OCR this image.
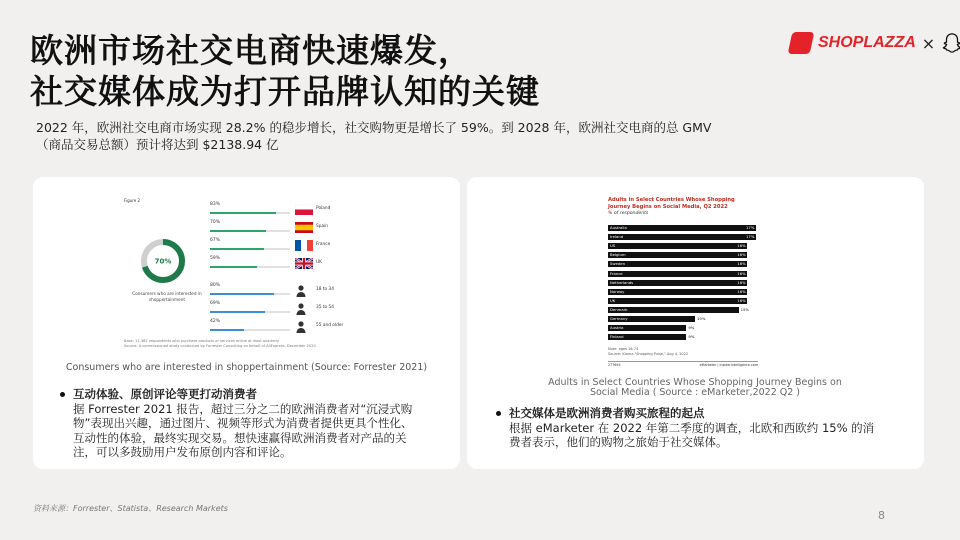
欧洲市场社交电商快速爆发，
社交媒体成为打开品牌认知的关键
SHOPLAZZA ×
2022 年，欧洲社交电商市场实现 28.2% 的稳步增长，社交购物更是增长了 59%。到 2028 年，欧洲社交电商的总 GMV（商品交易总额）预计将达到 $2138.94 亿
Figure 2
70%
Consumers who are interested in shoppertainment
83%
Poland
70%
Spain
67%
France
59%
UK
80%
18 to 34
69%
35 to 54
42%
55 and older
Base: 12,382 respondents who purchase products or services online at least quarterly
Source: A commissioned study conducted by Forrester Consulting on behalf of AliExpress, December 2020
Consumers who are interested in shoppertainment (Source: Forrester 2021)
互动体验、原创评论等更打动消费者
据 Forrester 2021 报告，超过三分之二的欧洲消费者对“沉浸式购物”表现出兴趣，通过图片、视频等形式为消费者提供更具个性化、互动性的体验，最终实现交易。想快速赢得欧洲消费者对产品的关注，可以多鼓励用户发布原创内容和评论。
Adults in Select Countries Whose Shopping Journey Begins on Social Media, Q2 2022
% of respondents
Australia	17%
Ireland	17%
US	16%
Belgium	16%
Sweden	16%
France	16%
Netherlands	16%
Norway	16%
UK	16%
Denmark	15%
Germany	10%
Austria	9%
Finland	9%
Note: ages 16-74
Source: Klarna "Shopping Pulse," Aug 4, 2022
277694	eMarketer | InsiderIntelligence.com
Adults in Select Countries Whose Shopping Journey Begins on Social Media ( Source : eMarketer,2022 Q2 )
社交媒体是欧洲消费者购买旅程的起点
根据 eMarketer 在 2022 年第二季度的调查，北欧和西欧约 15% 的消费者表示，他们的购物之旅始于社交媒体。
资料来源：Forrester、Statista、Research Markets
8
